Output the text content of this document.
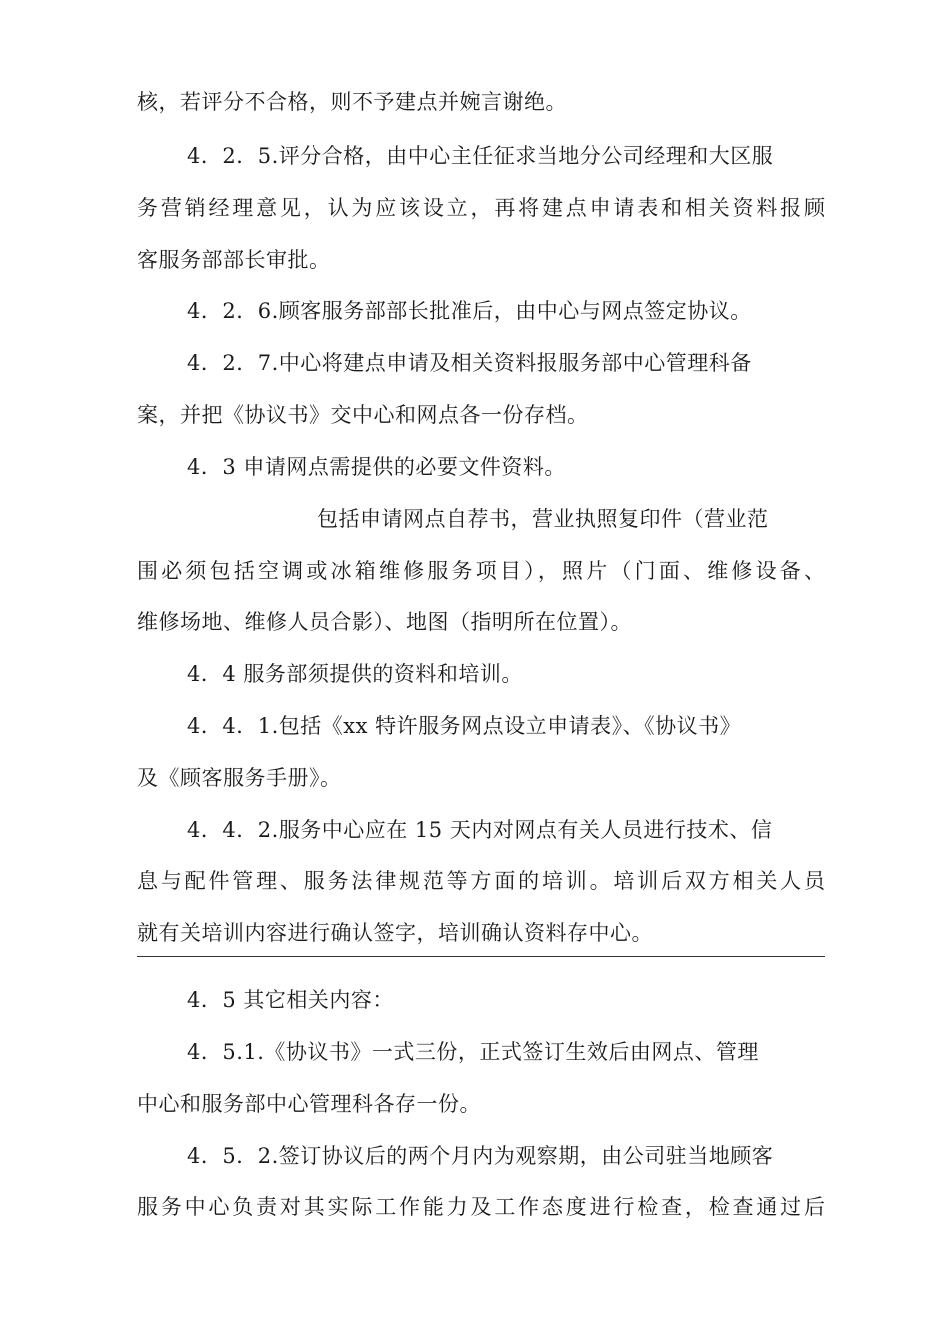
核，若评分不合格，则不予建点并婉言谢绝。
4．2．5.评分合格，由中心主任征求当地分公司经理和大区服
务营销经理意见，认为应该设立，再将建点申请表和相关资料报顾
客服务部部长审批。
4．2．6.顾客服务部部长批准后，由中心与网点签定协议。
4．2．7.中心将建点申请及相关资料报服务部中心管理科备
案，并把《协议书》交中心和网点各一份存档。
4．3 申请网点需提供的必要文件资料。
包括申请网点自荐书，营业执照复印件（营业范
围必须包括空调或冰箱维修服务项目），照片（门面、维修设备、
维修场地、维修人员合影）、地图（指明所在位置）。
4．4 服务部须提供的资料和培训。
4．4．1.包括《xx 特许服务网点设立申请表》、《协议书》
及《顾客服务手册》。
4．4．2.服务中心应在 15 天内对网点有关人员进行技术、信
息与配件管理、服务法律规范等方面的培训。培训后双方相关人员
就有关培训内容进行确认签字，培训确认资料存中心。
4．5 其它相关内容：
4．5.1.《协议书》一式三份，正式签订生效后由网点、管理
中心和服务部中心管理科各存一份。
4．5．2.签订协议后的两个月内为观察期，由公司驻当地顾客
服务中心负责对其实际工作能力及工作态度进行检查，检查通过后
